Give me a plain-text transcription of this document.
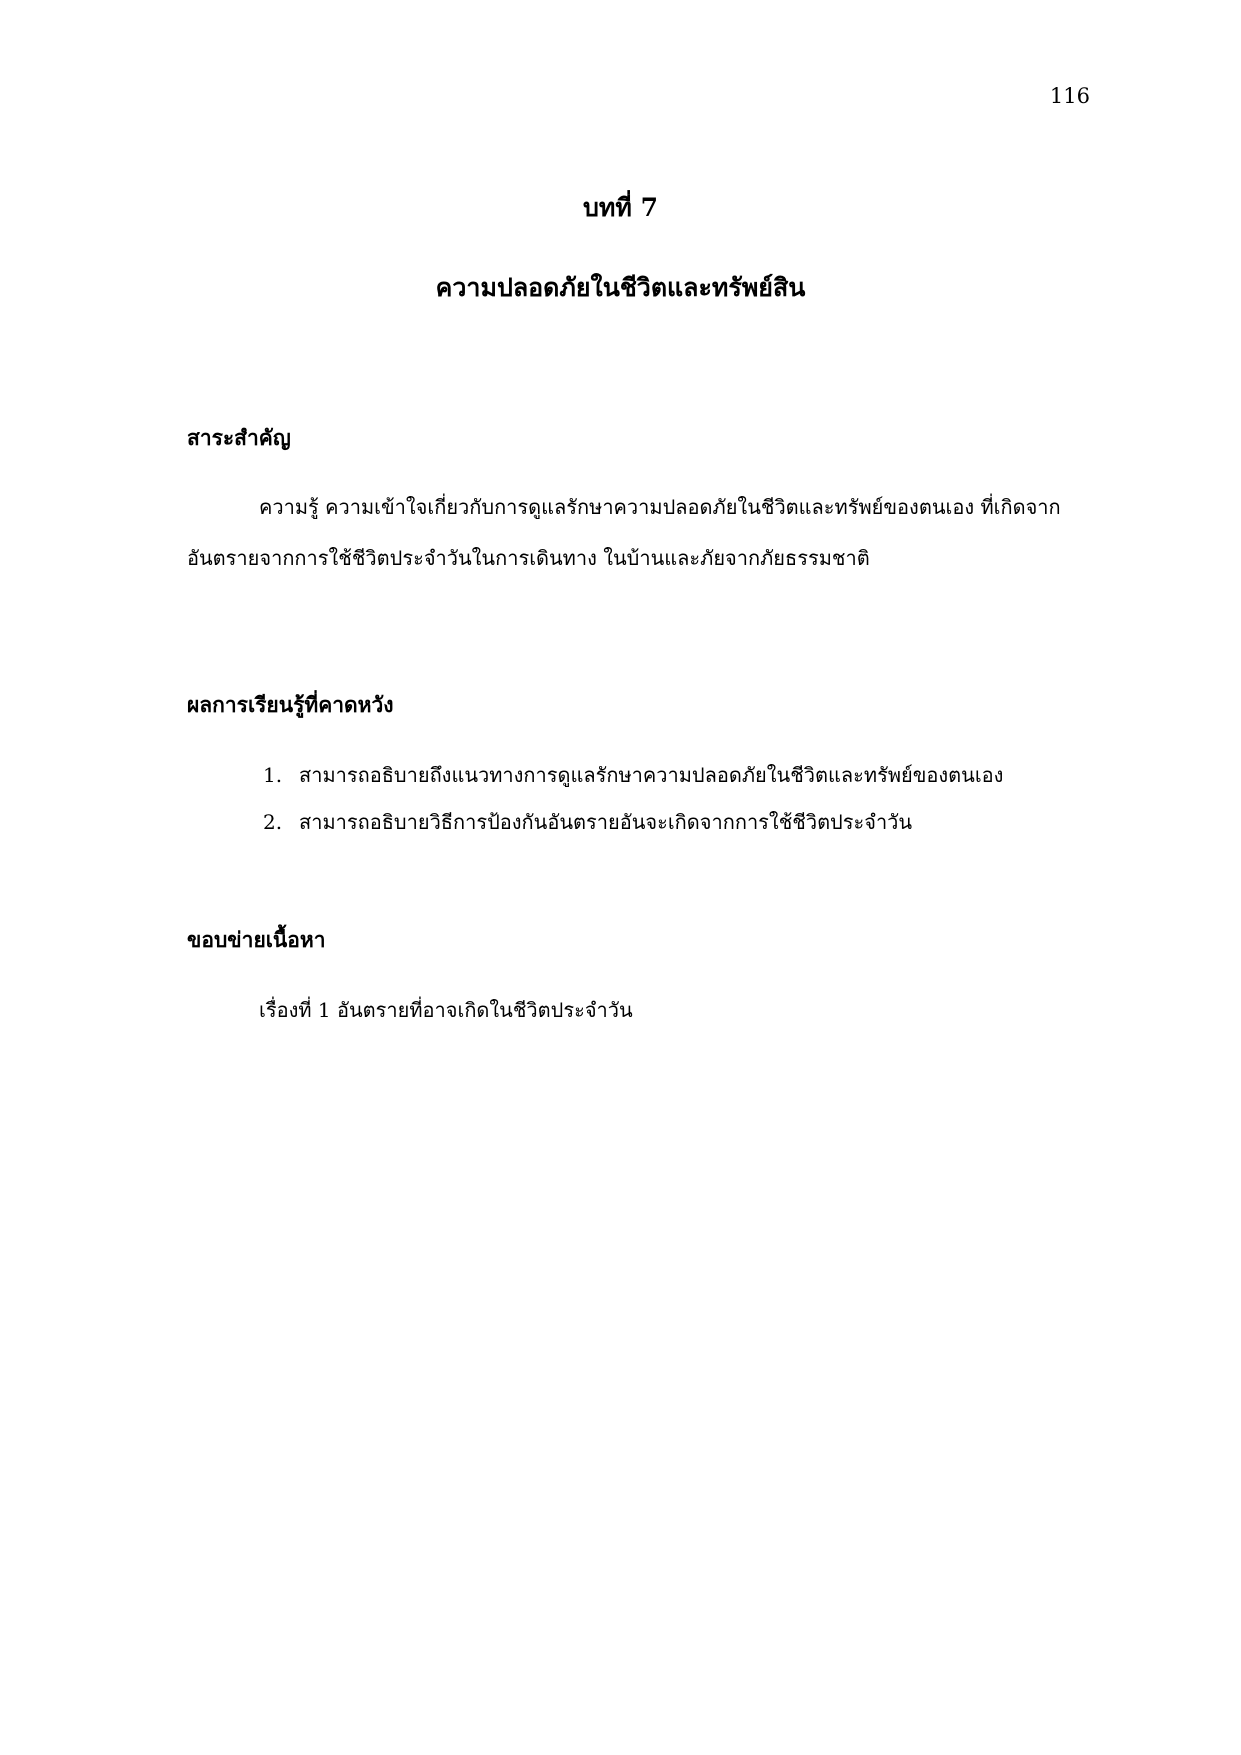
116
บทที่ 7
ความปลอดภัยในชีวิตและทรัพย์สิน
สาระสำคัญ
ความรู้ ความเข้าใจเกี่ยวกับการดูแลรักษาความปลอดภัยในชีวิตและทรัพย์ของตนเอง ที่เกิดจาก
อันตรายจากการใช้ชีวิตประจำวันในการเดินทาง ในบ้านและภัยจากภัยธรรมชาติ
ผลการเรียนรู้ที่คาดหวัง
1. สามารถอธิบายถึงแนวทางการดูแลรักษาความปลอดภัยในชีวิตและทรัพย์ของตนเอง
2. สามารถอธิบายวิธีการป้องกันอันตรายอันจะเกิดจากการใช้ชีวิตประจำวัน
ขอบข่ายเนื้อหา
เรื่องที่ 1 อันตรายที่อาจเกิดในชีวิตประจำวัน
